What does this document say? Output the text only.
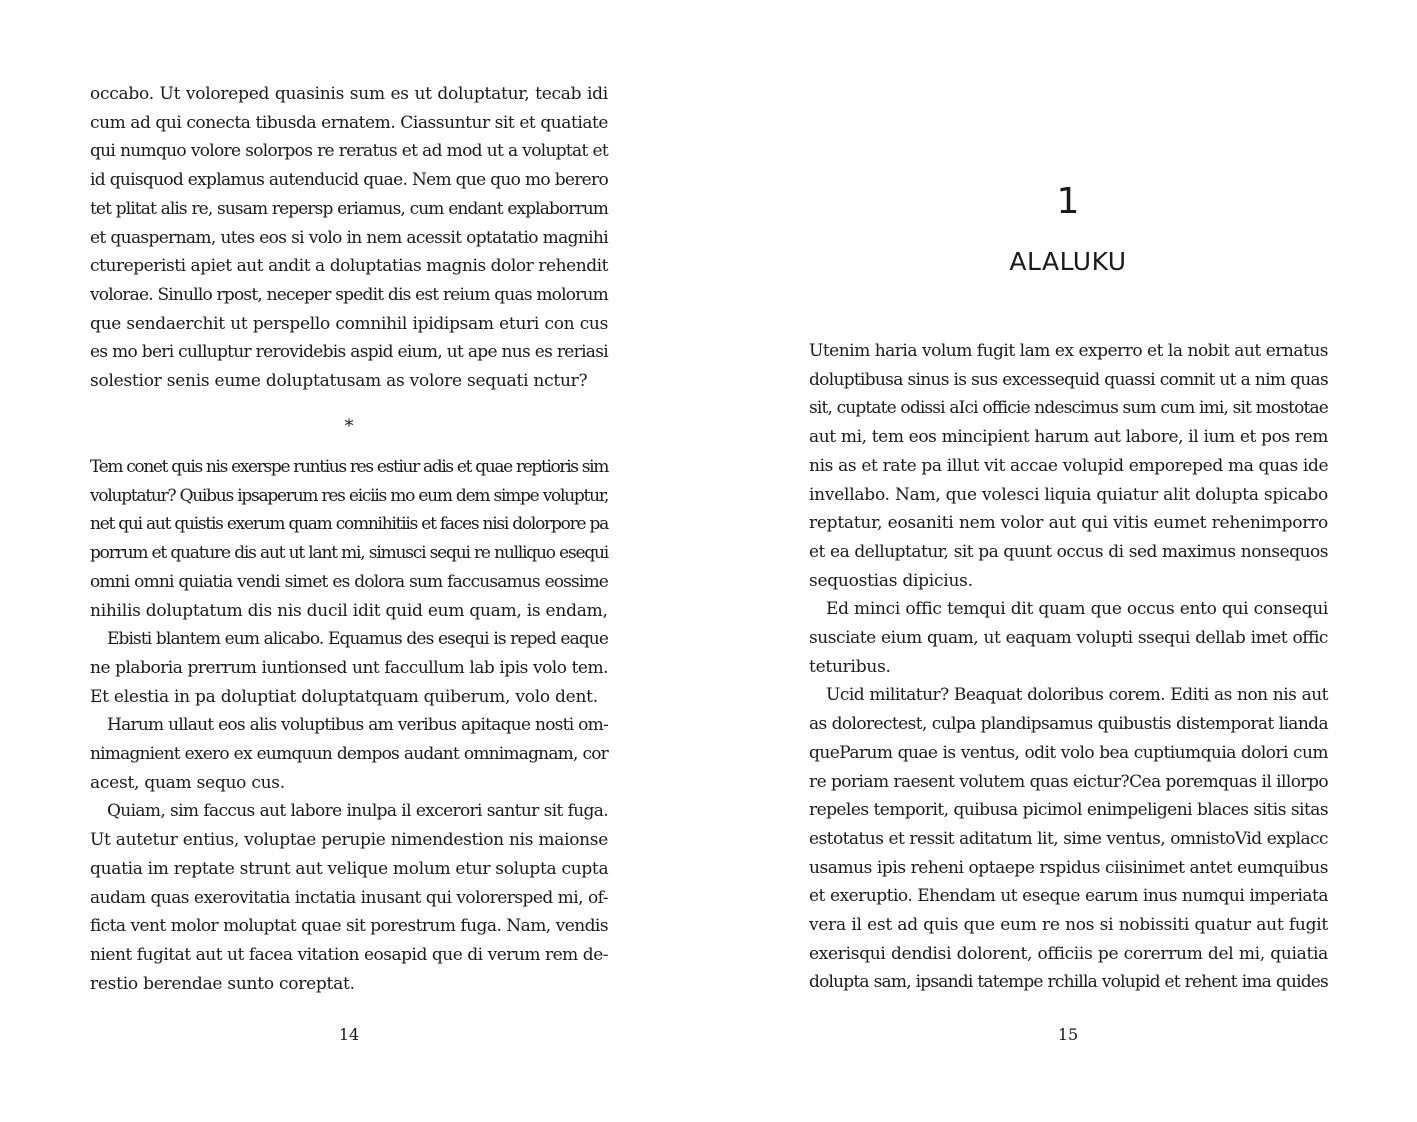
occabo. Ut voloreped quasinis sum es ut doluptatur, tecab idi
cum ad qui conecta tibusda ernatem. Ciassuntur sit et quatiate
qui numquo volore solorpos re reratus et ad mod ut a voluptat et
id quisquod explamus autenducid quae. Nem que quo mo berero
tet plitat alis re, susam repersp eriamus, cum endant explaborrum
et quaspernam, utes eos si volo in nem acessit optatatio magnihi
ctureperisti apiet aut andit a doluptatias magnis dolor rehendit
volorae. Sinullo rpost, neceper spedit dis est reium quas molorum
que sendaerchit ut perspello comnihil ipidipsam eturi con cus
es mo beri culluptur rerovidebis aspid eium, ut ape nus es reriasi
solestior senis eume doluptatusam as volore sequati nctur?
*
Tem conet quis nis exerspe runtius res estiur adis et quae reptioris sim
voluptatur? Quibus ipsaperum res eiciis mo eum dem simpe voluptur,
net qui aut quistis exerum quam comnihitiis et faces nisi dolorpore pa
porrum et quature dis aut ut lant mi, simusci sequi re nulliquo esequi
omni omni quiatia vendi simet es dolora sum faccusamus eossime
nihilis doluptatum dis nis ducil idit quid eum quam, is endam,
Ebisti blantem eum alicabo. Equamus des esequi is reped eaque
ne plaboria prerrum iuntionsed unt faccullum lab ipis volo tem.
Et elestia in pa doluptiat doluptatquam quiberum, volo dent.
Harum ullaut eos alis voluptibus am veribus apitaque nosti om-
nimagnient exero ex eumquun dempos audant omnimagnam, cor
acest, quam sequo cus.
Quiam, sim faccus aut labore inulpa il excerori santur sit fuga.
Ut autetur entius, voluptae perupie nimendestion nis maionse
quatia im reptate strunt aut velique molum etur solupta cupta
audam quas exerovitatia inctatia inusant qui volorersped mi, of-
ficta vent molor moluptat quae sit porestrum fuga. Nam, vendis
nient fugitat aut ut facea vitation eosapid que di verum rem de-
restio berendae sunto coreptat.
14
1
ALALUKU
Utenim haria volum fugit lam ex experro et la nobit aut ernatus
doluptibusa sinus is sus excessequid quassi comnit ut a nim quas
sit, cuptate odissi aIci officie ndescimus sum cum imi, sit mostotae
aut mi, tem eos mincipient harum aut labore, il ium et pos rem
nis as et rate pa illut vit accae volupid emporeped ma quas ide
invellabo. Nam, que volesci liquia quiatur alit dolupta spicabo
reptatur, eosaniti nem volor aut qui vitis eumet rehenimporro
et ea delluptatur, sit pa quunt occus di sed maximus nonsequos
sequostias dipicius.
Ed minci offic temqui dit quam que occus ento qui consequi
susciate eium quam, ut eaquam volupti ssequi dellab imet offic
teturibus.
Ucid militatur? Beaquat doloribus corem. Editi as non nis aut
as dolorectest, culpa plandipsamus quibustis distemporat lianda
queParum quae is ventus, odit volo bea cuptiumquia dolori cum
re poriam raesent volutem quas eictur?Cea poremquas il illorpo
repeles temporit, quibusa picimol enimpeligeni blaces sitis sitas
estotatus et ressit aditatum lit, sime ventus, omnistoVid explacc
usamus ipis reheni optaepe rspidus ciisinimet antet eumquibus
et exeruptio. Ehendam ut eseque earum inus numqui imperiata
vera il est ad quis que eum re nos si nobissiti quatur aut fugit
exerisqui dendisi dolorent, officiis pe corerrum del mi, quiatia
dolupta sam, ipsandi tatempe rchilla volupid et rehent ima quides
15
